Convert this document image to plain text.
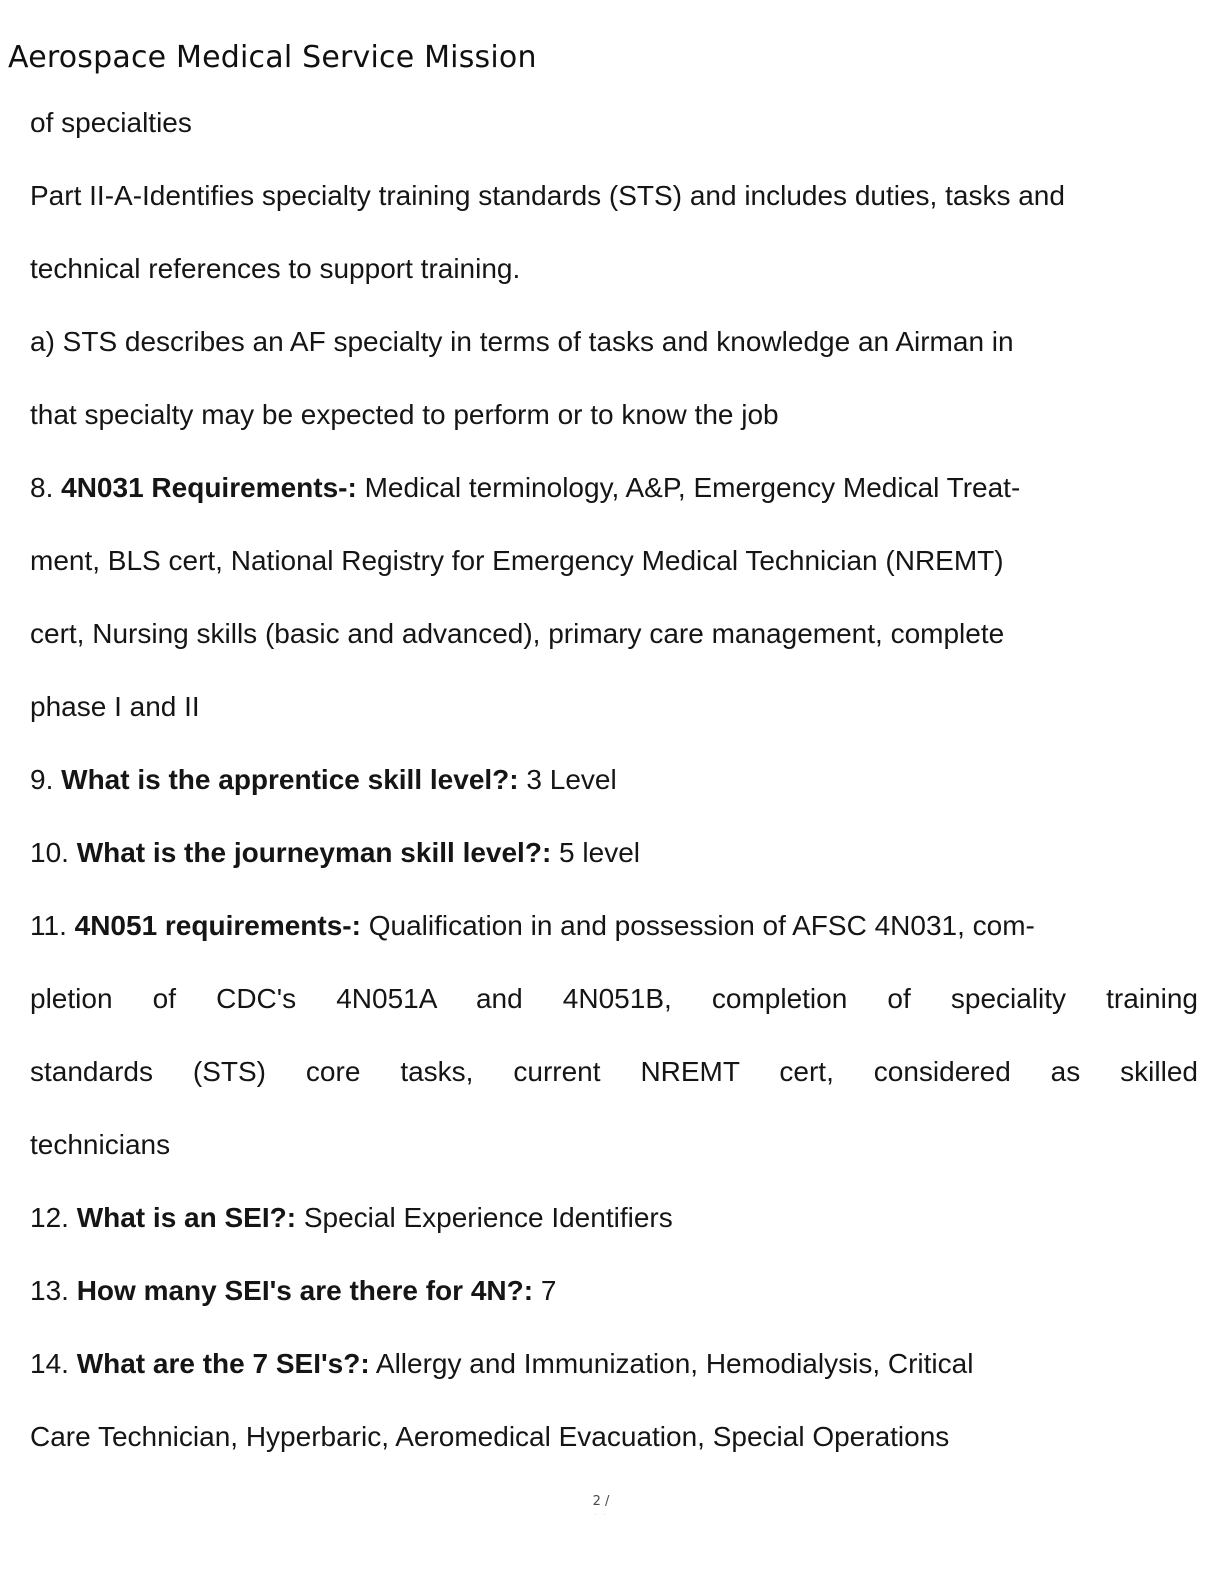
Aerospace Medical Service Mission
of specialties
Part II-A-Identifies specialty training standards (STS) and includes duties, tasks and
technical references to support training.
a) STS describes an AF specialty in terms of tasks and knowledge an Airman in
that specialty may be expected to perform or to know the job
8. 4N031 Requirements-: Medical terminology, A&P, Emergency Medical Treat-
ment, BLS cert, National Registry for Emergency Medical Technician (NREMT)
cert, Nursing skills (basic and advanced), primary care management, complete
phase I and II
9. What is the apprentice skill level?: 3 Level
10. What is the journeyman skill level?: 5 level
11. 4N051 requirements-: Qualification in and possession of AFSC 4N031, com-
pletion of CDC's 4N051A and 4N051B, completion of speciality training
standards (STS) core tasks, current NREMT cert, considered as skilled
technicians
12. What is an SEI?: Special Experience Identifiers
13. How many SEI's are there for 4N?: 7
14. What are the 7 SEI's?: Allergy and Immunization, Hemodialysis, Critical
Care Technician, Hyperbaric, Aeromedical Evacuation, Special Operations
2 /
· ·
